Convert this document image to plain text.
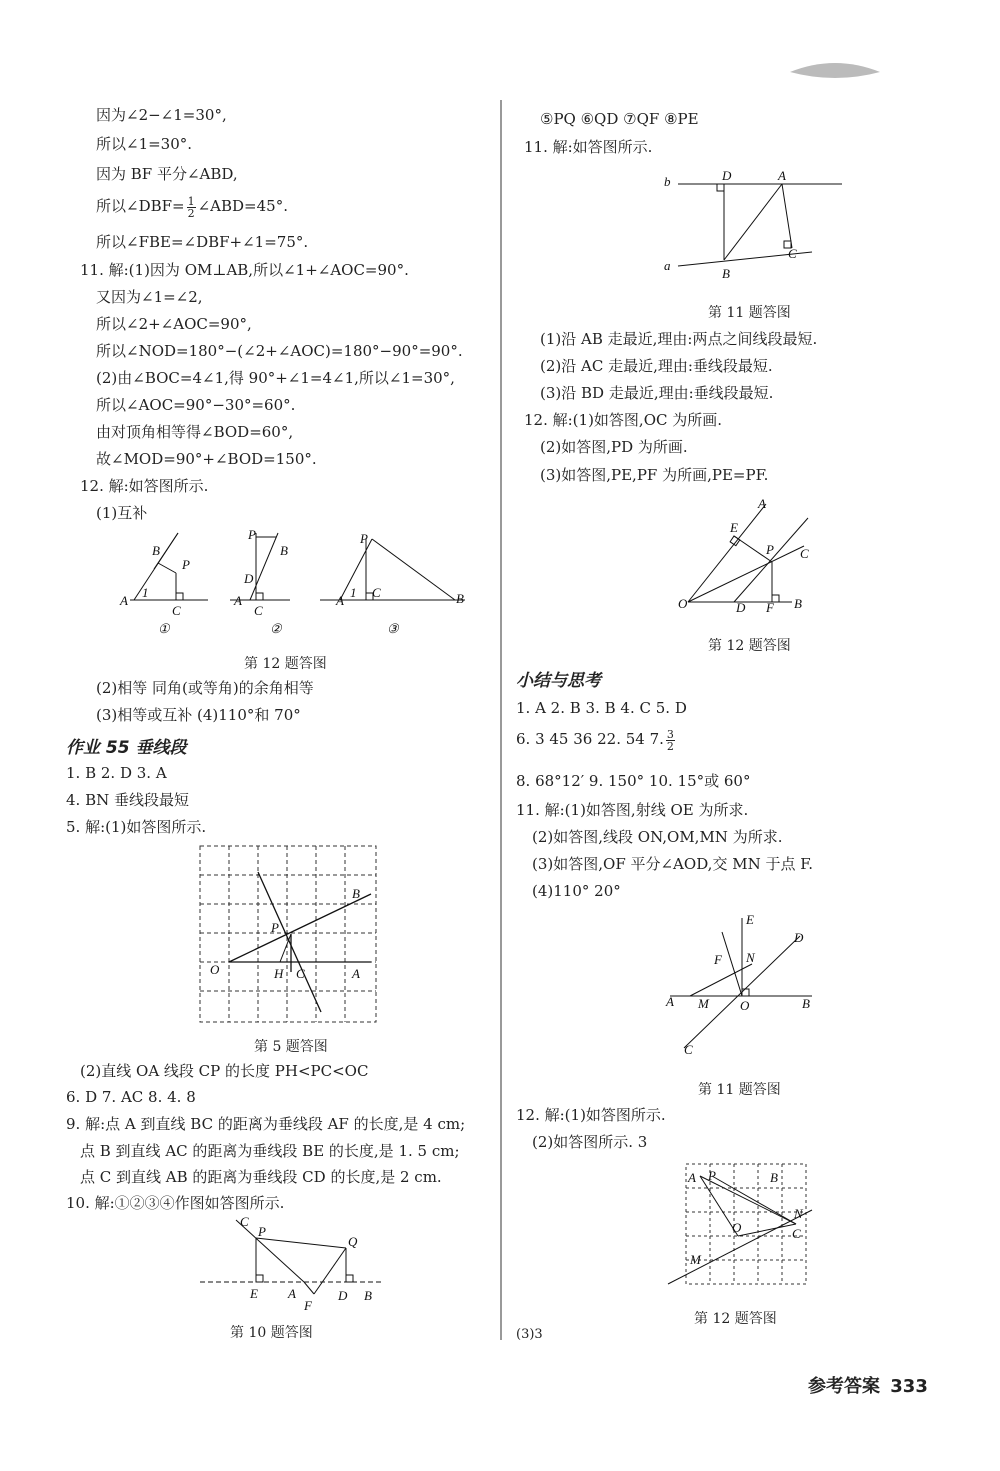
因为∠2−∠1=30°,
所以∠1=30°.
因为 BF 平分∠ABD,
所以∠DBF= $\frac{1}{2}$ ∠ABD=45°.
所以∠FBE=∠DBF+∠1=75°.
11. 解:(1)因为 OM⊥AB,所以∠1+∠AOC=90°.
又因为∠1=∠2,
所以∠2+∠AOC=90°,
所以∠NOD=180°−(∠2+∠AOC)=180°−90°=90°.
(2)由∠BOC=4∠1,得 90°+∠1=4∠1,所以∠1=30°,
所以∠AOC=90°−30°=60°.
由对顶角相等得∠BOD=60°,
故∠MOD=90°+∠BOD=150°.
12. 解:如答图所示.
(1)互补
B
P
A
1
C
①
P
B
D
A
C
②
P
A
1 C	B
③
第 12 题答图
(2)相等 同角(或等角)的余角相等
(3)相等或互补 (4)110°和 70°
作业 55 垂线段
1. B 2. D 3. A
4. BN 垂线段最短
5. 解:(1)如答图所示.
O
P
H C	A
B
第 5 题答图
(2)直线 OA 线段 CP 的长度 PH<PC<OC
6. D 7. AC 8. 4. 8
9. 解:点 A 到直线 BC 的距离为垂线段 AF 的长度,是 4 cm;
点 B 到直线 AC 的距离为垂线段 BE 的长度,是 1. 5 cm;
点 C 到直线 AB 的距离为垂线段 CD 的长度,是 2 cm.
10. 解:①②③④作图如答图所示.
C
P
Q
E A
F
D B
第 10 题答图
⑤PQ ⑥QD ⑦QF ⑧PE
11. 解:如答图所示.
b
a
D	A
B
C
第 11 题答图
(1)沿 AB 走最近,理由:两点之间线段最短.
(2)沿 AC 走最近,理由:垂线段最短.
(3)沿 BD 走最近,理由:垂线段最短.
12. 解:(1)如答图,OC 为所画.
(2)如答图,PD 为所画.
(3)如答图,PE,PF 为所画,PE=PF.
A
E
P C
O	D F B
第 12 题答图
小结与思考
1. A 2. B 3. B 4. C 5. D
6. 3 45 36 22. 54 7. $\frac{3}{2}$
8. 68°12′ 9. 150° 10. 15°或 60°
11. 解:(1)如答图,射线 OE 为所求.
(2)如答图,线段 ON,OM,MN 为所求.
(3)如答图,OF 平分∠AOD,交 MN 于点 F.
(4)110° 20°
E
D
N
F
A M O	B
C
第 11 题答图
12. 解:(1)如答图所示.
(2)如答图所示. 3
A P	B
O
N
C
M
第 12 题答图
(3)3
参考答案 333
